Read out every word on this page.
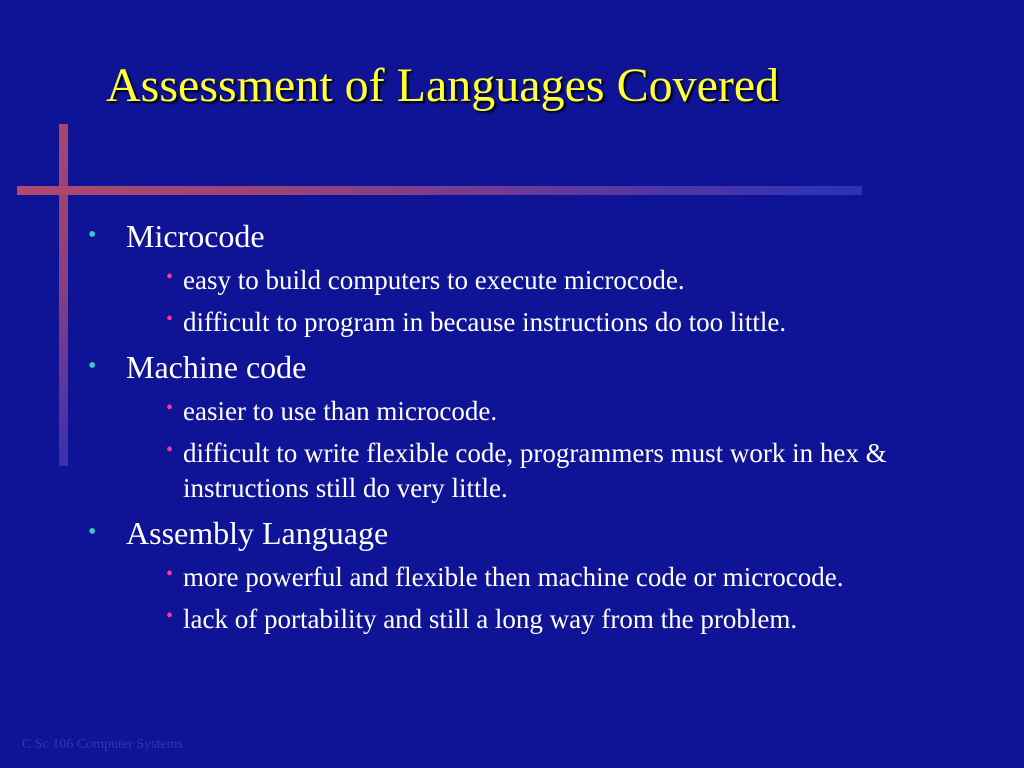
Assessment of Languages Covered
• Microcode
• easy to build computers to execute microcode.
• difficult to program in because instructions do too little.
• Machine code
• easier to use than microcode.
• difficult to write flexible code, programmers must work in hex & instructions still do very little.
• Assembly Language
• more powerful and flexible then machine code or microcode.
• lack of portability and still a long way from the problem.
C Sc 106 Computer Systems
